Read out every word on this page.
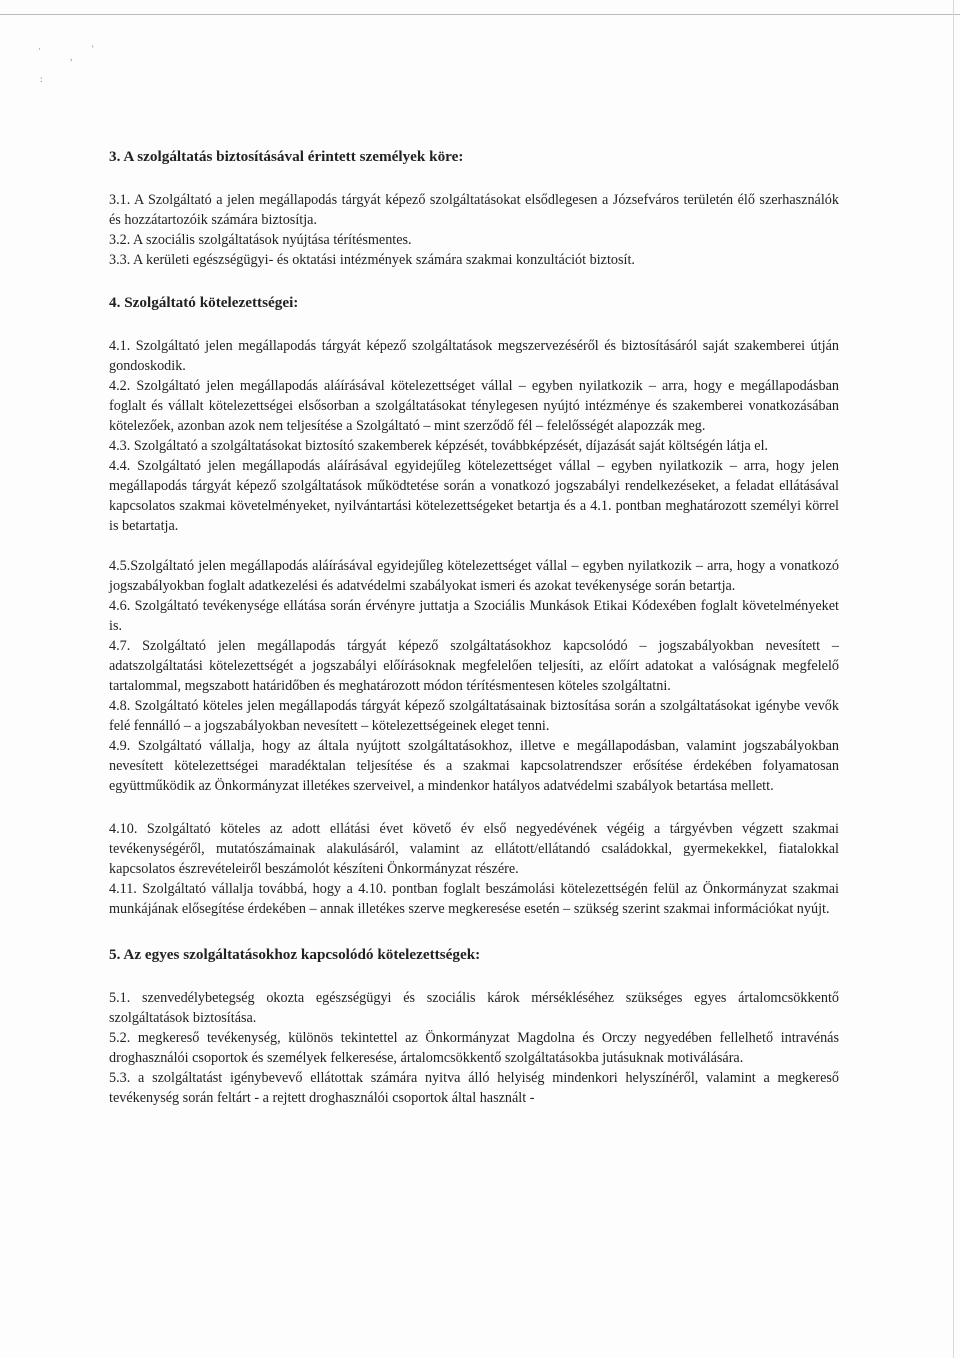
·
,
'
:
3. A szolgáltatás biztosításával érintett személyek köre:

3.1. A Szolgáltató a jelen megállapodás tárgyát képező szolgáltatásokat elsődlegesen a Józsefváros területén élő szerhasználók és hozzátartozóik számára biztosítja.

3.2. A szociális szolgáltatások nyújtása térítésmentes.

3.3. A kerületi egészségügyi- és oktatási intézmények számára szakmai konzultációt biztosít.

4. Szolgáltató kötelezettségei:

4.1. Szolgáltató jelen megállapodás tárgyát képező szolgáltatások megszervezéséről és biztosításáról saját szakemberei útján gondoskodik.

4.2. Szolgáltató jelen megállapodás aláírásával kötelezettséget vállal – egyben nyilatkozik – arra, hogy e megállapodásban foglalt és vállalt kötelezettségei elsősorban a szolgáltatásokat ténylegesen nyújtó intézménye és szakemberei vonatkozásában kötelezőek, azonban azok nem teljesítése a Szolgáltató – mint szerződő fél – felelősségét alapozzák meg.

4.3. Szolgáltató a szolgáltatásokat biztosító szakemberek képzését, továbbképzését, díjazását saját költségén látja el.

4.4. Szolgáltató jelen megállapodás aláírásával egyidejűleg kötelezettséget vállal – egyben nyilatkozik – arra, hogy jelen megállapodás tárgyát képező szolgáltatások működtetése során a vonatkozó jogszabályi rendelkezéseket, a feladat ellátásával kapcsolatos szakmai követelményeket, nyilvántartási kötelezettségeket betartja és a 4.1. pontban meghatározott személyi körrel is betartatja.

4.5.Szolgáltató jelen megállapodás aláírásával egyidejűleg kötelezettséget vállal – egyben nyilatkozik – arra, hogy a vonatkozó jogszabályokban foglalt adatkezelési és adatvédelmi szabályokat ismeri és azokat tevékenysége során betartja.

4.6. Szolgáltató tevékenysége ellátása során érvényre juttatja a Szociális Munkások Etikai Kódexében foglalt követelményeket is.

4.7. Szolgáltató jelen megállapodás tárgyát képező szolgáltatásokhoz kapcsolódó – jogszabályokban nevesített – adatszolgáltatási kötelezettségét a jogszabályi előírásoknak megfelelően teljesíti, az előírt adatokat a valóságnak megfelelő tartalommal, megszabott határidőben és meghatározott módon térítésmentesen köteles szolgáltatni.

4.8. Szolgáltató köteles jelen megállapodás tárgyát képező szolgáltatásainak biztosítása során a szolgáltatásokat igénybe vevők felé fennálló – a jogszabályokban nevesített – kötelezettségeinek eleget tenni.

4.9. Szolgáltató vállalja, hogy az általa nyújtott szolgáltatásokhoz, illetve e megállapodásban, valamint jogszabályokban nevesített kötelezettségei maradéktalan teljesítése és a szakmai kapcsolatrendszer erősítése érdekében folyamatosan együttműködik az Önkormányzat illetékes szerveivel, a mindenkor hatályos adatvédelmi szabályok betartása mellett.

4.10. Szolgáltató köteles az adott ellátási évet követő év első negyedévének végéig a tárgyévben végzett szakmai tevékenységéről, mutatószámainak alakulásáról, valamint az ellátott/ellátandó családokkal, gyermekekkel, fiatalokkal kapcsolatos észrevételeiről beszámolót készíteni Önkormányzat részére.

4.11. Szolgáltató vállalja továbbá, hogy a 4.10. pontban foglalt beszámolási kötelezettségén felül az Önkormányzat szakmai munkájának elősegítése érdekében – annak illetékes szerve megkeresése esetén – szükség szerint szakmai információkat nyújt.

5. Az egyes szolgáltatásokhoz kapcsolódó kötelezettségek:

5.1. szenvedélybetegség okozta egészségügyi és szociális károk mérsékléséhez szükséges egyes ártalomcsökkentő szolgáltatások biztosítása.

5.2. megkereső tevékenység, különös tekintettel az Önkormányzat Magdolna és Orczy negyedében fellelhető intravénás droghasználói csoportok és személyek felkeresése, ártalomcsökkentő szolgáltatásokba jutásuknak motiválására.

5.3. a szolgáltatást igénybevevő ellátottak számára nyitva álló helyiség mindenkori helyszínéről, valamint a megkereső tevékenység során feltárt - a rejtett droghasználói csoportok által használt -
